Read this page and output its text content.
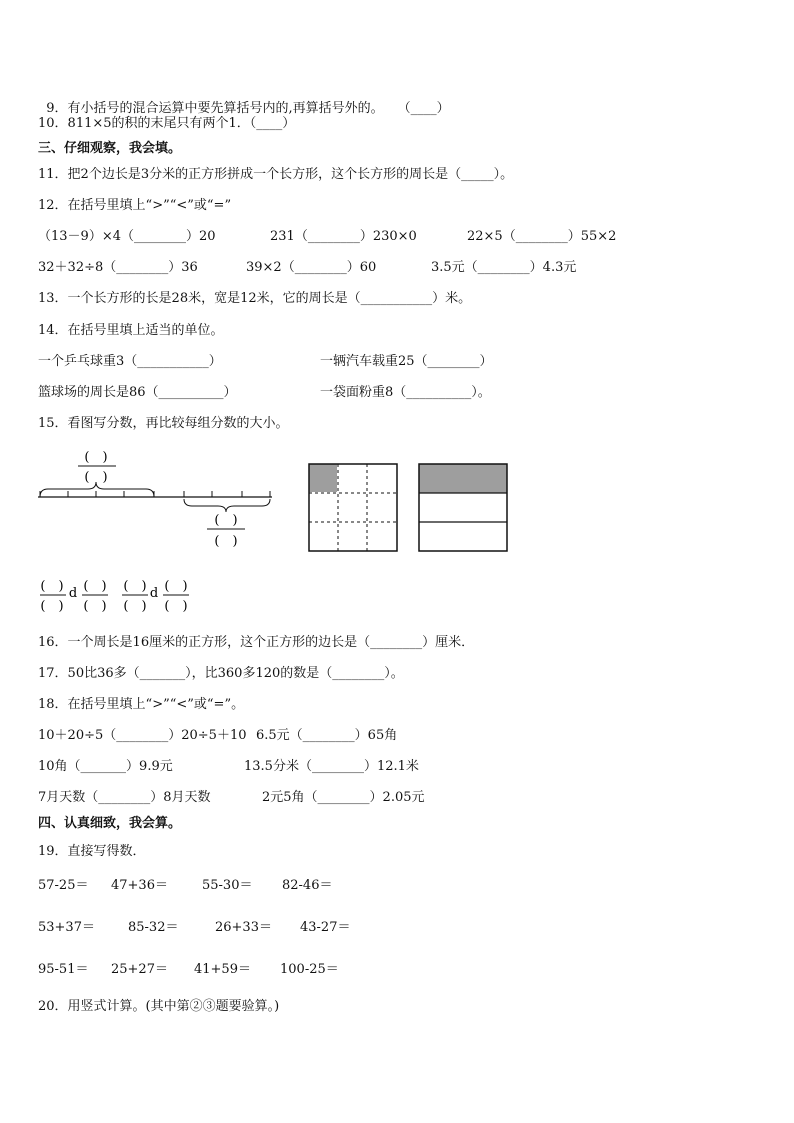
9．有小括号的混合运算中要先算括号内的,再算括号外的。 （____）

10．811×5的积的末尾只有两个1．（____）
三、仔细观察，我会填。
11．把2个边长是3分米的正方形拼成一个长方形，这个长方形的周长是（_____）。
12．在括号里填上“>”“<”或“=”
（13－9）×4（________）20	231（________）230×0	22×5（________）55×2
32＋32÷8（________）36	39×2（________）60	3.5元（________）4.3元
13．一个长方形的长是28米，宽是12米，它的周长是（___________）米。
14．在括号里填上适当的单位。
一个乒乓球重3（___________）	一辆汽车载重25（________）
篮球场的周长是86（__________）	一袋面粉重8（__________）。
15．看图写分数，再比较每组分数的大小。
(　)
(　)
(　)
(　)
(　)
(　)
d (　)
(　)
(　)
(　)
d (　)
(　)
16．一个周长是16厘米的正方形，这个正方形的边长是（________）厘米．
17．50比36多（_______），比360多120的数是（________）。
18．在括号里填上“>”“<”或“=”。
10＋20÷5（________）20÷5＋10 6.5元（________）65角
10角（_______）9.9元	13.5分米（________）12.1米
7月天数（________）8月天数	2元5角（________）2.05元
四、认真细致，我会算。
19．直接写得数．
57-25＝ 47+36＝	55-30＝ 82-46＝
53+37＝	85-32＝	26+33＝ 43-27＝
95-51＝ 25+27＝ 41+59＝ 100-25＝
20．用竖式计算。(其中第②③题要验算。)
